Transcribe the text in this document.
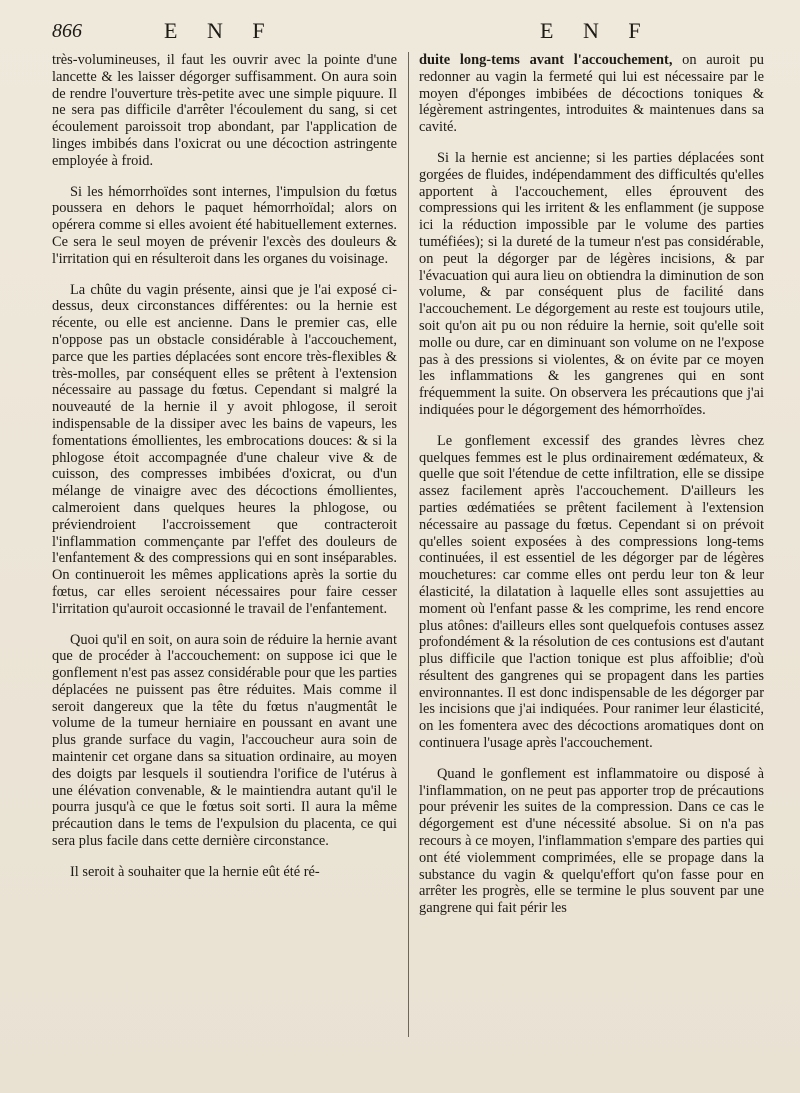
866	E N F	E N F

très-volumineuses, il faut les ouvrir avec la pointe d'une lancette & les laisser dégorger suffisamment. On aura soin de rendre l'ouverture très-petite avec une simple piquure. Il ne sera pas difficile d'arrêter l'écoulement du sang, si cet écoulement paroissoit trop abondant, par l'application de linges imbibés dans l'oxicrat ou une décoction astringente employée à froid.

Si les hémorrhoïdes sont internes, l'impulsion du fœtus poussera en dehors le paquet hémorrhoïdal; alors on opérera comme si elles avoient été habituellement externes. Ce sera le seul moyen de prévenir l'excès des douleurs & l'irritation qui en résulteroit dans les organes du voisinage.

La chûte du vagin présente, ainsi que je l'ai exposé ci-dessus, deux circonstances différentes: ou la hernie est récente, ou elle est ancienne. Dans le premier cas, elle n'oppose pas un obstacle considérable à l'accouchement, parce que les parties déplacées sont encore très-flexibles & très-molles, par conséquent elles se prêtent à l'extension nécessaire au passage du fœtus. Cependant si malgré la nouveauté de la hernie il y avoit phlogose, il seroit indispensable de la dissiper avec les bains de vapeurs, les fomentations émollientes, les embrocations douces: & si la phlogose étoit accompagnée d'une chaleur vive & de cuisson, des compresses imbibées d'oxicrat, ou d'un mélange de vinaigre avec des décoctions émollientes, calmeroient dans quelques heures la phlogose, ou préviendroient l'accroissement que contracteroit l'inflammation commençante par l'effet des douleurs de l'enfantement & des compressions qui en sont inséparables. On continueroit les mêmes applications après la sortie du fœtus, car elles seroient nécessaires pour faire cesser l'irritation qu'auroit occasionné le travail de l'enfantement.

Quoi qu'il en soit, on aura soin de réduire la hernie avant que de procéder à l'accouchement: on suppose ici que le gonflement n'est pas assez considérable pour que les parties déplacées ne puissent pas être réduites. Mais comme il seroit dangereux que la tête du fœtus n'augmentât le volume de la tumeur herniaire en poussant en avant une plus grande surface du vagin, l'accoucheur aura soin de maintenir cet organe dans sa situation ordinaire, au moyen des doigts par lesquels il soutiendra l'orifice de l'utérus à une élévation convenable, & le maintiendra autant qu'il le pourra jusqu'à ce que le fœtus soit sorti. Il aura la même précaution dans le tems de l'expulsion du placenta, ce qui sera plus facile dans cette dernière circonstance.

Il seroit à souhaiter que la hernie eût été ré-

duite long-tems avant l'accouchement, on auroit pu redonner au vagin la fermeté qui lui est nécessaire par le moyen d'éponges imbibées de décoctions toniques & légèrement astringentes, introduites & maintenues dans sa cavité.

Si la hernie est ancienne; si les parties déplacées sont gorgées de fluides, indépendamment des difficultés qu'elles apportent à l'accouchement, elles éprouvent des compressions qui les irritent & les enflamment (je suppose ici la réduction impossible par le volume des parties tuméfiées); si la dureté de la tumeur n'est pas considérable, on peut la dégorger par de légères incisions, & par l'évacuation qui aura lieu on obtiendra la diminution de son volume, & par conséquent plus de facilité dans l'accouchement. Le dégorgement au reste est toujours utile, soit qu'on ait pu ou non réduire la hernie, soit qu'elle soit molle ou dure, car en diminuant son volume on ne l'expose pas à des pressions si violentes, & on évite par ce moyen les inflammations & les gangrenes qui en sont fréquemment la suite. On observera les précautions que j'ai indiquées pour le dégorgement des hémorrhoïdes.

Le gonflement excessif des grandes lèvres chez quelques femmes est le plus ordinairement œdémateux, & quelle que soit l'étendue de cette infiltration, elle se dissipe assez facilement après l'accouchement. D'ailleurs les parties œdématiées se prêtent facilement à l'extension nécessaire au passage du fœtus. Cependant si on prévoit qu'elles soient exposées à des compressions long-tems continuées, il est essentiel de les dégorger par de légères mouchetures: car comme elles ont perdu leur ton & leur élasticité, la dilatation à laquelle elles sont assujetties au moment où l'enfant passe & les comprime, les rend encore plus atônes: d'ailleurs elles sont quelquefois contuses assez profondément & la résolution de ces contusions est d'autant plus difficile que l'action tonique est plus affoiblie; d'où résultent des gangrenes qui se propagent dans les parties environnantes. Il est donc indispensable de les dégorger par les incisions que j'ai indiquées. Pour ranimer leur élasticité, on les fomentera avec des décoctions aromatiques dont on continuera l'usage après l'accouchement.

Quand le gonflement est inflammatoire ou disposé à l'inflammation, on ne peut pas apporter trop de précautions pour prévenir les suites de la compression. Dans ce cas le dégorgement est d'une nécessité absolue. Si on n'a pas recours à ce moyen, l'inflammation s'empare des parties qui ont été violemment comprimées, elle se propage dans la substance du vagin & quelqu'effort qu'on fasse pour en arrêter les progrès, elle se termine le plus souvent par une gangrene qui fait périr les
